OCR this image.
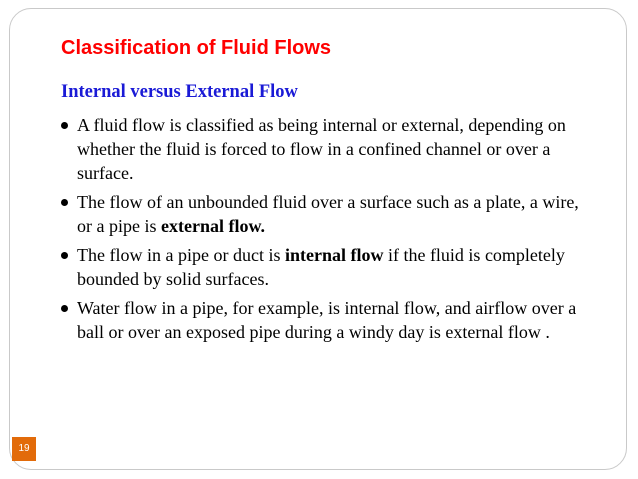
Classification of Fluid Flows
Internal versus External Flow
A fluid flow is classified as being internal or external, depending on whether the fluid is forced to flow in a confined channel or over a surface.
The flow of an unbounded fluid over a surface such as a plate, a wire, or a pipe is external flow.
The flow in a pipe or duct is internal flow if the fluid is completely bounded by solid surfaces.
Water flow in a pipe, for example, is internal flow, and airflow over a ball or over an exposed pipe during a windy day is external flow .
19
